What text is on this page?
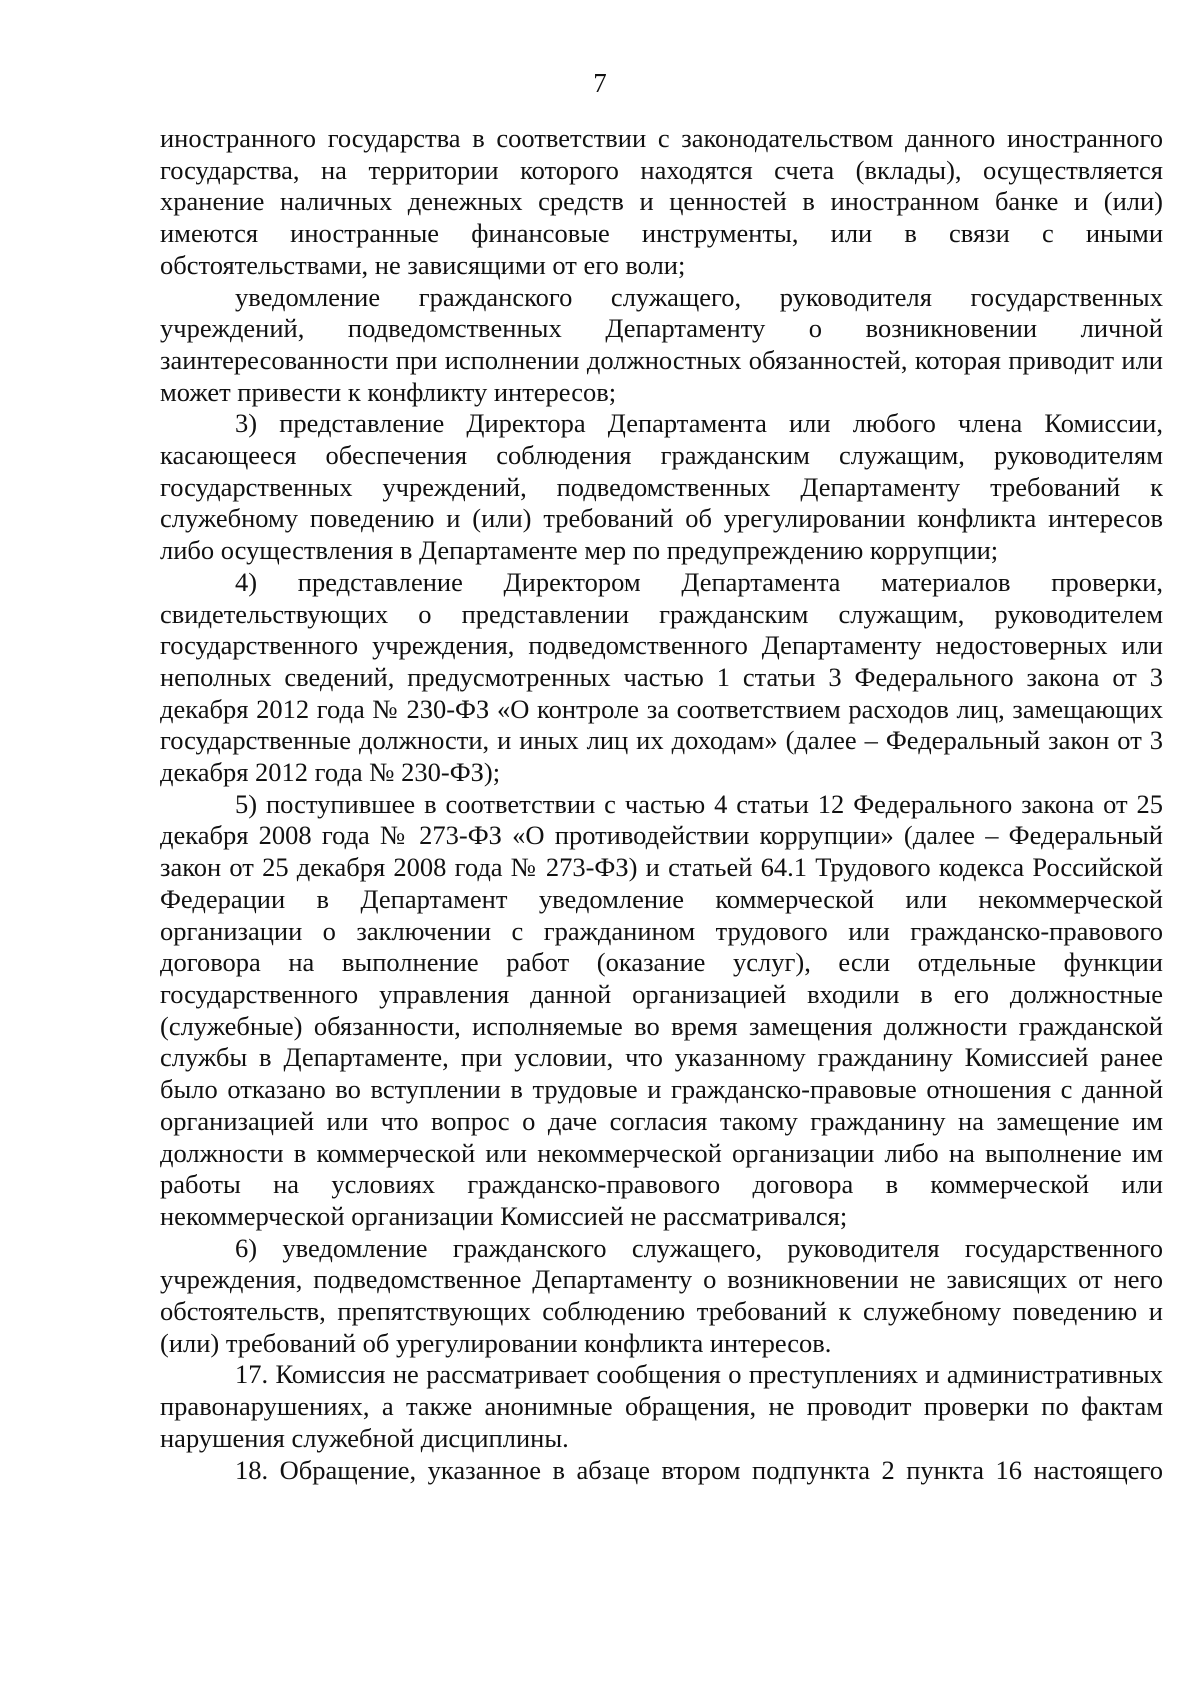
7

иностранного государства в соответствии с законодательством данного иностранного государства, на территории которого находятся счета (вклады), осуществляется хранение наличных денежных средств и ценностей в иностранном банке и (или) имеются иностранные финансовые инструменты, или в связи с иными обстоятельствами, не зависящими от его воли;

уведомление гражданского служащего, руководителя государственных учреждений, подведомственных Департаменту о возникновении личной заинтересованности при исполнении должностных обязанностей, которая приводит или может привести к конфликту интересов;

3) представление Директора Департамента или любого члена Комиссии, касающееся обеспечения соблюдения гражданским служащим, руководителям государственных учреждений, подведомственных Департаменту требований к служебному поведению и (или) требований об урегулировании конфликта интересов либо осуществления в Департаменте мер по предупреждению коррупции;

4) представление Директором Департамента материалов проверки, свидетельствующих о представлении гражданским служащим, руководителем государственного учреждения, подведомственного Департаменту недостоверных или неполных сведений, предусмотренных частью 1 статьи 3 Федерального закона от 3 декабря 2012 года № 230-ФЗ «О контроле за соответствием расходов лиц, замещающих государственные должности, и иных лиц их доходам» (далее – Федеральный закон от 3 декабря 2012 года № 230-ФЗ);

5) поступившее в соответствии с частью 4 статьи 12 Федерального закона от 25 декабря 2008 года № 273-ФЗ «О противодействии коррупции» (далее – Федеральный закон от 25 декабря 2008 года № 273-ФЗ) и статьей 64.1 Трудового кодекса Российской Федерации в Департамент уведомление коммерческой или некоммерческой организации о заключении с гражданином трудового или гражданско-правового договора на выполнение работ (оказание услуг), если отдельные функции государственного управления данной организацией входили в его должностные (служебные) обязанности, исполняемые во время замещения должности гражданской службы в Департаменте, при условии, что указанному гражданину Комиссией ранее было отказано во вступлении в трудовые и гражданско-правовые отношения с данной организацией или что вопрос о даче согласия такому гражданину на замещение им должности в коммерческой или некоммерческой организации либо на выполнение им работы на условиях гражданско-правового договора в коммерческой или некоммерческой организации Комиссией не рассматривался;

6) уведомление гражданского служащего, руководителя государственного учреждения, подведомственное Департаменту о возникновении не зависящих от него обстоятельств, препятствующих соблюдению требований к служебному поведению и (или) требований об урегулировании конфликта интересов.

17. Комиссия не рассматривает сообщения о преступлениях и административных правонарушениях, а также анонимные обращения, не проводит проверки по фактам нарушения служебной дисциплины.

18. Обращение, указанное в абзаце втором подпункта 2 пункта 16 настоящего
